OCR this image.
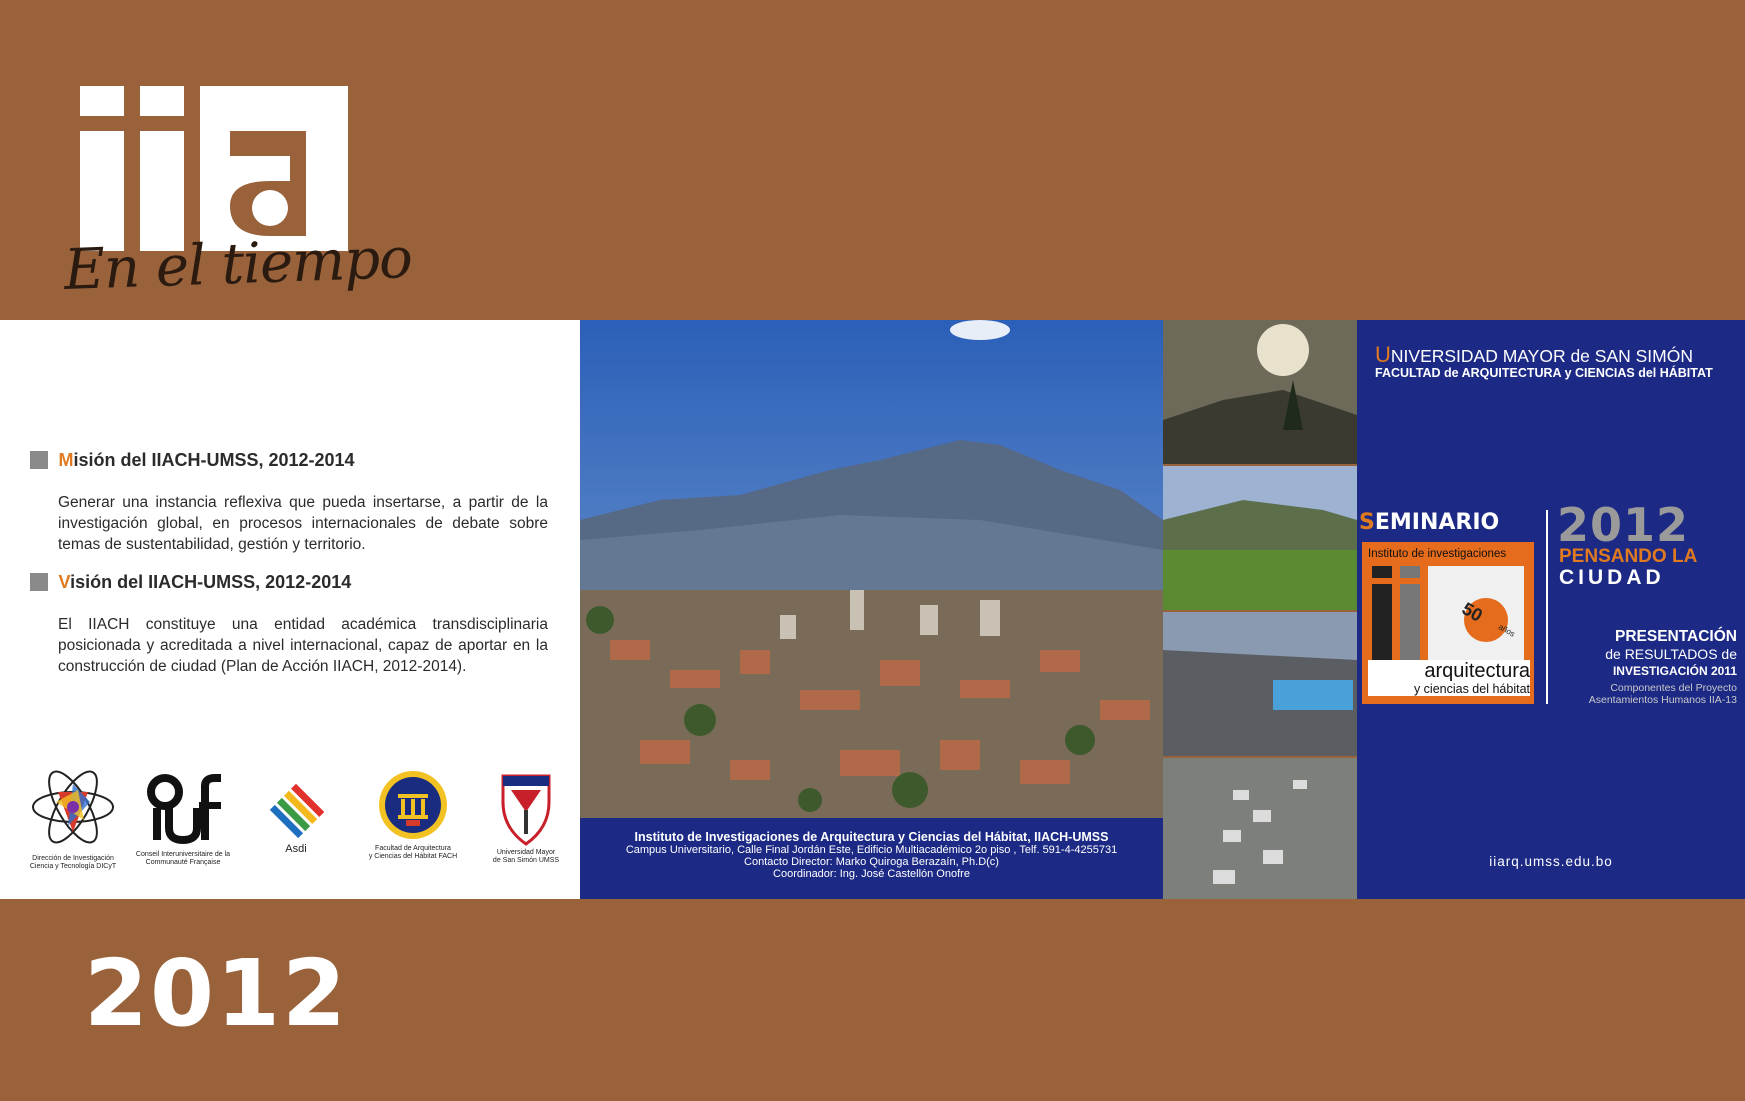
En el tiempo
2012
Misión del IIACH-UMSS, 2012-2014
Generar una instancia reflexiva que pueda insertarse, a partir de la investigación global, en procesos internacionales de debate sobre temas de sustentabilidad, gestión y territorio.
Visión del IIACH-UMSS, 2012-2014
El IIACH constituye una entidad académica transdisciplinaria posicionada y acreditada a nivel internacional, capaz de aportar en la construcción de ciudad (Plan de Acción IIACH, 2012-2014).
Dirección de Investigación
Ciencia y Tecnología DICyT
Conseil Interuniversitaire de la
Communauté Française
Asdi	Facultad de Arquitectura
y Ciencias del Hábitat FACH
Universidad Mayor
de San Simón UMSS
Instituto de Investigaciones de Arquitectura y Ciencias del Hábitat, IIACH-UMSS
Campus Universitario, Calle Final Jordán Este, Edificio Multiacadémico 2o piso , Telf. 591-4-4255731
Contacto Director: Marko Quiroga Berazaín, Ph.D(c)
Coordinador: Ing. José Castellón Onofre
UNIVERSIDAD MAYOR de SAN SIMÓN
FACULTAD de ARQUITECTURA y CIENCIAS del HÁBITAT
SEMINARIO
Instituto de investigaciones
50
años
arquitectura
y ciencias del hábitat
2012
PENSANDO LA
CIUDAD
PRESENTACIÓN
de RESULTADOS de
INVESTIGACIÓN 2011
Componentes del Proyecto
Asentamientos Humanos IIA-13
iiarq.umss.edu.bo
